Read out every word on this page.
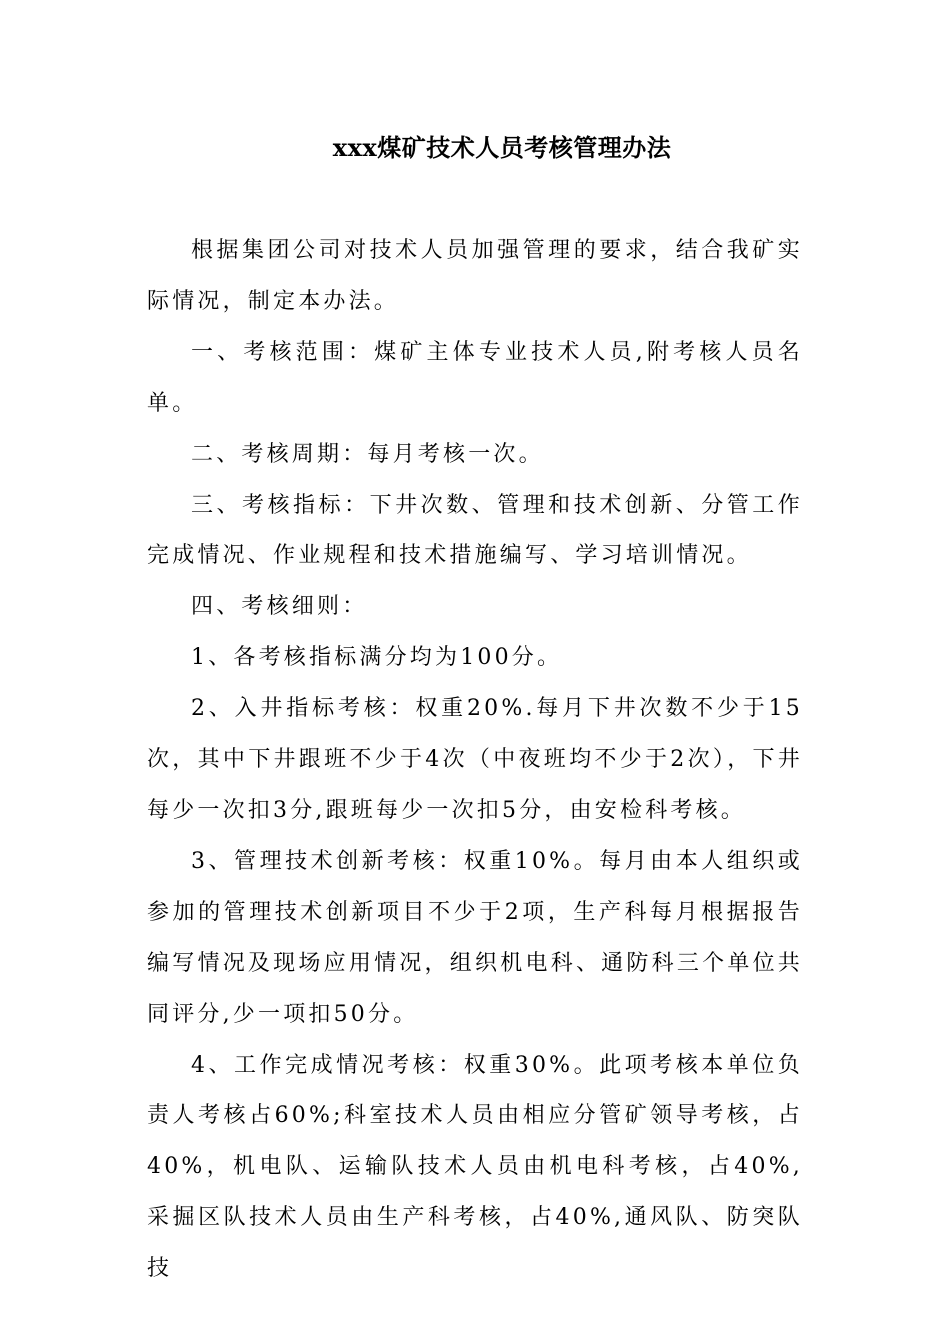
xxx煤矿技术人员考核管理办法

根据集团公司对技术人员加强管理的要求，结合我矿实际情况，制定本办法。

一、考核范围：煤矿主体专业技术人员,附考核人员名单。

二、考核周期：每月考核一次。

三、考核指标：下井次数、管理和技术创新、分管工作完成情况、作业规程和技术措施编写、学习培训情况。

四、考核细则：

1、各考核指标满分均为100分。

2、入井指标考核：权重20%.每月下井次数不少于15次，其中下井跟班不少于4次（中夜班均不少于2次），下井每少一次扣3分,跟班每少一次扣5分，由安检科考核。

3、管理技术创新考核：权重10%。每月由本人组织或参加的管理技术创新项目不少于2项，生产科每月根据报告编写情况及现场应用情况，组织机电科、通防科三个单位共同评分,少一项扣50分。

4、工作完成情况考核：权重30%。此项考核本单位负责人考核占60%;科室技术人员由相应分管矿领导考核，占40%，机电队、运输队技术人员由机电科考核，占40%,采掘区队技术人员由生产科考核，占40%,通风队、防突队技
